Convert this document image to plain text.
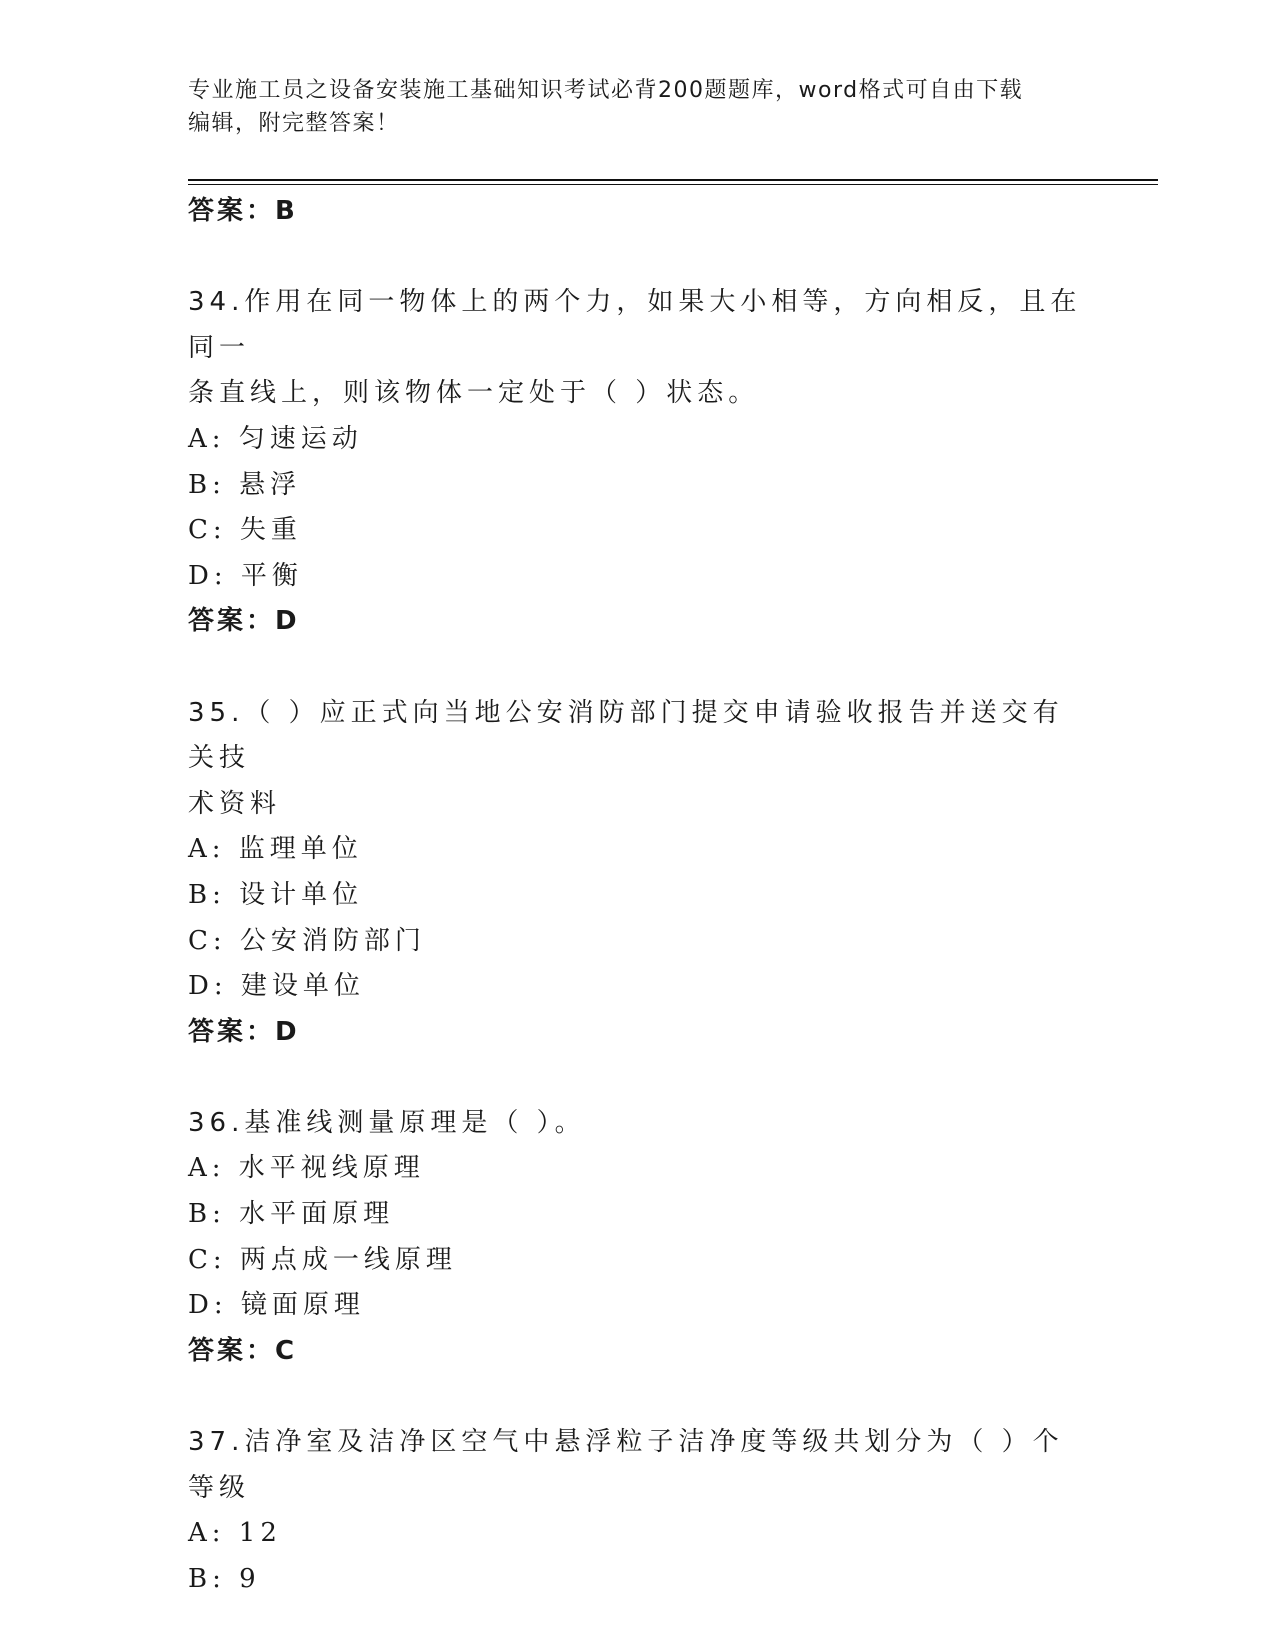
专业施工员之设备安装施工基础知识考试必背200题题库，word格式可自由下载
编辑，附完整答案！
答案：B
34.作用在同一物体上的两个力，如果大小相等，方向相反，且在同一
条直线上，则该物体一定处于（ ）状态。
A: 匀速运动
B: 悬浮
C: 失重
D: 平衡
答案：D
35.（ ）应正式向当地公安消防部门提交申请验收报告并送交有关技
术资料
A: 监理单位
B: 设计单位
C: 公安消防部门
D: 建设单位
答案：D
36.基准线测量原理是（ ）。
A: 水平视线原理
B: 水平面原理
C: 两点成一线原理
D: 镜面原理
答案：C
37.洁净室及洁净区空气中悬浮粒子洁净度等级共划分为（ ）个等级
A: 12
B: 9
